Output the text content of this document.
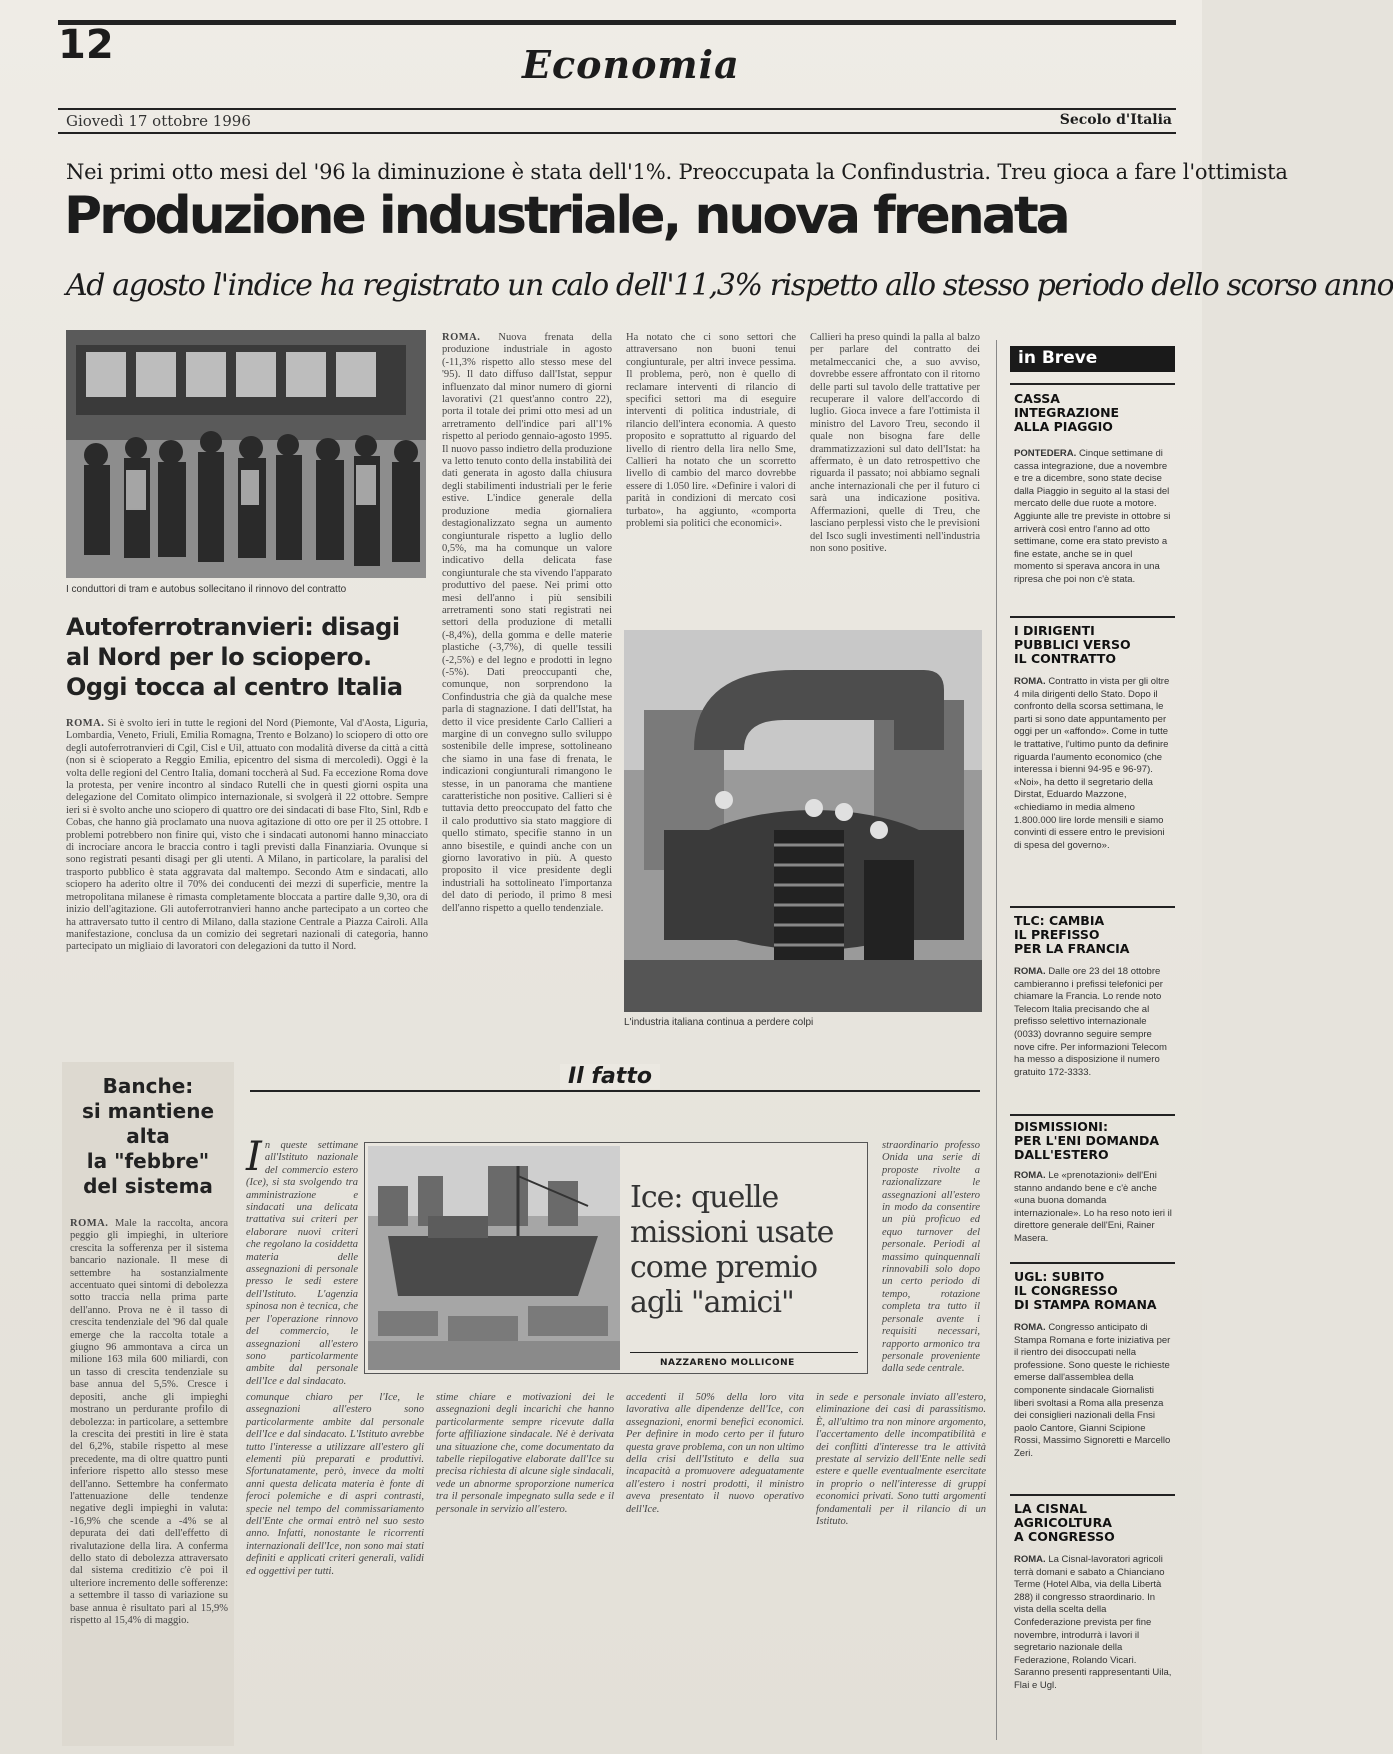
12	Economia
Giovedì 17 ottobre 1996	Secolo d'Italia
Nei primi otto mesi del '96 la diminuzione è stata dell'1%. Preoccupata la Confindustria. Treu gioca a fare l'ottimista
Produzione industriale, nuova frenata
Ad agosto l'indice ha registrato un calo dell'11,3% rispetto allo stesso periodo dello scorso anno
I conduttori di tram e autobus sollecitano il rinnovo del contratto
Autoferrotranvieri: disagi
al Nord per lo sciopero.
Oggi tocca al centro Italia
ROMA. Si è svolto ieri in tutte le regioni del Nord (Piemonte, Val d'Aosta, Liguria, Lombardia, Veneto, Friuli, Emilia Romagna, Trento e Bolzano) lo sciopero di otto ore degli autoferrotranvieri di Cgil, Cisl e Uil, attuato con modalità diverse da città a città (non si è scioperato a Reggio Emilia, epicentro del sisma di mercoledì). Oggi è la volta delle regioni del Centro Italia, domani toccherà al Sud. Fa eccezione Roma dove la protesta, per venire incontro al sindaco Rutelli che in questi giorni ospita una delegazione del Comitato olimpico internazionale, si svolgerà il 22 ottobre. Sempre ieri si è svolto anche uno sciopero di quattro ore dei sindacati di base Flto, Sinl, Rdb e Cobas, che hanno già proclamato una nuova agitazione di otto ore per il 25 ottobre. I problemi potrebbero non finire qui, visto che i sindacati autonomi hanno minacciato di incrociare ancora le braccia contro i tagli previsti dalla Finanziaria. Ovunque si sono registrati pesanti disagi per gli utenti. A Milano, in particolare, la paralisi del trasporto pubblico è stata aggravata dal maltempo. Secondo Atm e sindacati, allo sciopero ha aderito oltre il 70% dei conducenti dei mezzi di superficie, mentre la metropolitana milanese è rimasta completamente bloccata a partire dalle 9,30, ora di inizio dell'agitazione. Gli autoferrotranvieri hanno anche partecipato a un corteo che ha attraversato tutto il centro di Milano, dalla stazione Centrale a Piazza Cairoli. Alla manifestazione, conclusa da un comizio dei segretari nazionali di categoria, hanno partecipato un migliaio di lavoratori con delegazioni da tutto il Nord.
ROMA. Nuova frenata della produzione industriale in agosto (-11,3% rispetto allo stesso mese del '95). Il dato diffuso dall'Istat, seppur influenzato dal minor numero di giorni lavorativi (21 quest'anno contro 22), porta il totale dei primi otto mesi ad un arretramento dell'indice pari all'1% rispetto al periodo gennaio-agosto 1995. Il nuovo passo indietro della produzione va letto tenuto conto della instabilità dei dati generata in agosto dalla chiusura degli stabilimenti industriali per le ferie estive. L'indice generale della produzione media giornaliera destagionalizzato segna un aumento congiunturale rispetto a luglio dello 0,5%, ma ha comunque un valore indicativo della delicata fase congiunturale che sta vivendo l'apparato produttivo del paese. Nei primi otto mesi dell'anno i più sensibili arretramenti sono stati registrati nei settori della produzione di metalli (-8,4%), della gomma e delle materie plastiche (-3,7%), di quelle tessili (-2,5%) e del legno e prodotti in legno (-5%). Dati preoccupanti che, comunque, non sorprendono la Confindustria che già da qualche mese parla di stagnazione. I dati dell'Istat, ha detto il vice presidente Carlo Callieri a margine di un convegno sullo sviluppo sostenibile delle imprese, sottolineano che siamo in una fase di frenata, le indicazioni congiunturali rimangono le stesse, in un panorama che mantiene caratteristiche non positive. Callieri si è tuttavia detto preoccupato del fatto che il calo produttivo sia stato maggiore di quello stimato, specifie stanno in un anno bisestile, e quindi anche con un giorno lavorativo in più. A questo proposito il vice presidente degli industriali ha sottolineato l'importanza del dato di periodo, il primo 8 mesi dell'anno rispetto a quello tendenziale.
Ha notato che ci sono settori che attraversano non buoni tenui congiunturale, per altri invece pessima. Il problema, però, non è quello di reclamare interventi di rilancio di specifici settori ma di eseguire interventi di politica industriale, di rilancio dell'intera economia. A questo proposito e soprattutto al riguardo del livello di rientro della lira nello Sme, Callieri ha notato che un scorretto livello di cambio del marco dovrebbe essere di 1.050 lire. «Definire i valori di parità in condizioni di mercato così turbato», ha aggiunto, «comporta problemi sia politici che economici».
Callieri ha preso quindi la palla al balzo per parlare del contratto dei metalmeccanici che, a suo avviso, dovrebbe essere affrontato con il ritorno delle parti sul tavolo delle trattative per recuperare il valore dell'accordo di luglio. Gioca invece a fare l'ottimista il ministro del Lavoro Treu, secondo il quale non bisogna fare delle drammatizzazioni sul dato dell'Istat: ha affermato, è un dato retrospettivo che riguarda il passato; noi abbiamo segnali anche internazionali che per il futuro ci sarà una indicazione positiva. Affermazioni, quelle di Treu, che lasciano perplessi visto che le previsioni del Isco sugli investimenti nell'industria non sono positive.
L'industria italiana continua a perdere colpi
in Breve
CASSA
INTEGRAZIONE
ALLA PIAGGIO
PONTEDERA. Cinque settimane di cassa integrazione, due a novembre e tre a dicembre, sono state decise dalla Piaggio in seguito al la stasi del mercato delle due ruote a motore. Aggiunte alle tre previste in ottobre si arriverà così entro l'anno ad otto settimane, come era stato previsto a fine estate, anche se in quel momento si sperava ancora in una ripresa che poi non c'è stata.
I DIRIGENTI
PUBBLICI VERSO
IL CONTRATTO
ROMA. Contratto in vista per gli oltre 4 mila dirigenti dello Stato. Dopo il confronto della scorsa settimana, le parti si sono date appuntamento per oggi per un «affondo». Come in tutte le trattative, l'ultimo punto da definire riguarda l'aumento economico (che interessa i bienni 94-95 e 96-97). «Noi», ha detto il segretario della Dirstat, Eduardo Mazzone, «chiediamo in media almeno 1.800.000 lire lorde mensili e siamo convinti di essere entro le previsioni di spesa del governo».
TLC: CAMBIA
IL PREFISSO
PER LA FRANCIA
ROMA. Dalle ore 23 del 18 ottobre cambieranno i prefissi telefonici per chiamare la Francia. Lo rende noto Telecom Italia precisando che al prefisso selettivo internazionale (0033) dovranno seguire sempre nove cifre. Per informazioni Telecom ha messo a disposizione il numero gratuito 172-3333.
DISMISSIONI:
PER L'ENI DOMANDA
DALL'ESTERO
ROMA. Le «prenotazioni» dell'Eni stanno andando bene e c'è anche «una buona domanda internazionale». Lo ha reso noto ieri il direttore generale dell'Eni, Rainer Masera.
UGL: SUBITO
IL CONGRESSO
DI STAMPA ROMANA
ROMA. Congresso anticipato di Stampa Romana e forte iniziativa per il rientro dei disoccupati nella professione. Sono queste le richieste emerse dall'assemblea della componente sindacale Giornalisti liberi svoltasi a Roma alla presenza dei consiglieri nazionali della Fnsi paolo Cantore, Gianni Scipione Rossi, Massimo Signoretti e Marcello Zeri.
LA CISNAL
AGRICOLTURA
A CONGRESSO
ROMA. La Cisnal-lavoratori agricoli terrà domani e sabato a Chianciano Terme (Hotel Alba, via della Libertà 288) il congresso straordinario. In vista della scelta della Confederazione prevista per fine novembre, introdurrà i lavori il segretario nazionale della Federazione, Rolando Vicari. Saranno presenti rappresentanti Uila, Flai e Ugl.
Banche:
si mantiene
alta
la "febbre"
del sistema
ROMA. Male la raccolta, ancora peggio gli impieghi, in ulteriore crescita la sofferenza per il sistema bancario nazionale. Il mese di settembre ha sostanzialmente accentuato quei sintomi di debolezza sotto traccia nella prima parte dell'anno. Prova ne è il tasso di crescita tendenziale del '96 dal quale emerge che la raccolta totale a giugno 96 ammontava a circa un milione 163 mila 600 miliardi, con un tasso di crescita tendenziale su base annua del 5,5%. Cresce i depositi, anche gli impieghi mostrano un perdurante profilo di debolezza: in particolare, a settembre la crescita dei prestiti in lire è stata del 6,2%, stabile rispetto al mese precedente, ma di oltre quattro punti inferiore rispetto allo stesso mese dell'anno. Settembre ha confermato l'attenuazione delle tendenze negative degli impieghi in valuta: -16,9% che scende a -4% se al depurata dei dati dell'effetto di rivalutazione della lira. A conferma dello stato di debolezza attraversato dal sistema creditizio c'è poi il ulteriore incremento delle sofferenze: a settembre il tasso di variazione su base annua è risultato pari al 15,9% rispetto al 15,4% di maggio.
Il fatto
I n queste settimane all'Istituto nazionale del commercio estero (Ice), si sta svolgendo tra amministrazione e sindacati una delicata trattativa sui criteri per elaborare nuovi criteri che regolano la cosiddetta materia delle assegnazioni di personale presso le sedi estere dell'Istituto. L'agenzia spinosa non è tecnica, che per l'operazione rinnovo del commercio, le assegnazioni all'estero sono particolarmente ambite dal personale dell'Ice e dal sindacato.
Ice: quelle
missioni usate
come premio
agli "amici"
NAZZARENO MOLLICONE
straordinario professo Onida una serie di proposte rivolte a razionalizzare le assegnazioni all'estero in modo da consentire un più proficuo ed equo turnover del personale. Periodi al massimo quinquennali rinnovabili solo dopo un certo periodo di tempo, rotazione completa tra tutto il personale avente i requisiti necessari, rapporto armonico tra personale proveniente dalla sede centrale.
comunque chiaro per l'Ice, le assegnazioni all'estero sono particolarmente ambite dal personale dell'Ice e dal sindacato. L'Istituto avrebbe tutto l'interesse a utilizzare all'estero gli elementi più preparati e produttivi. Sfortunatamente, però, invece da molti anni questa delicata materia è fonte di feroci polemiche e di aspri contrasti, specie nel tempo del commissariamento dell'Ente che ormai entrò nel suo sesto anno. Infatti, nonostante le ricorrenti internazionali dell'Ice, non sono mai stati definiti e applicati criteri generali, validi ed oggettivi per tutti.
stime chiare e motivazioni dei le assegnazioni degli incarichi che hanno particolarmente sempre ricevute dalla forte affiliazione sindacale. Né è derivata una situazione che, come documentato da tabelle riepilogative elaborate dall'Ice su precisa richiesta di alcune sigle sindacali, vede un abnorme sproporzione numerica tra il personale impegnato sulla sede e il personale in servizio all'estero.
accedenti il 50% della loro vita lavorativa alle dipendenze dell'Ice, con assegnazioni, enormi benefici economici. Per definire in modo certo per il futuro questa grave problema, con un non ultimo della crisi dell'Istituto e della sua incapacità a promuovere adeguatamente all'estero i nostri prodotti, il ministro aveva presentato il nuovo operativo dell'Ice.
in sede e personale inviato all'estero, eliminazione dei casi di parassitismo. È, all'ultimo tra non minore argomento, l'accertamento delle incompatibilità e dei conflitti d'interesse tra le attività prestate al servizio dell'Ente nelle sedi estere e quelle eventualmente esercitate in proprio o nell'interesse di gruppi economici privati. Sono tutti argomenti fondamentali per il rilancio di un Istituto.
